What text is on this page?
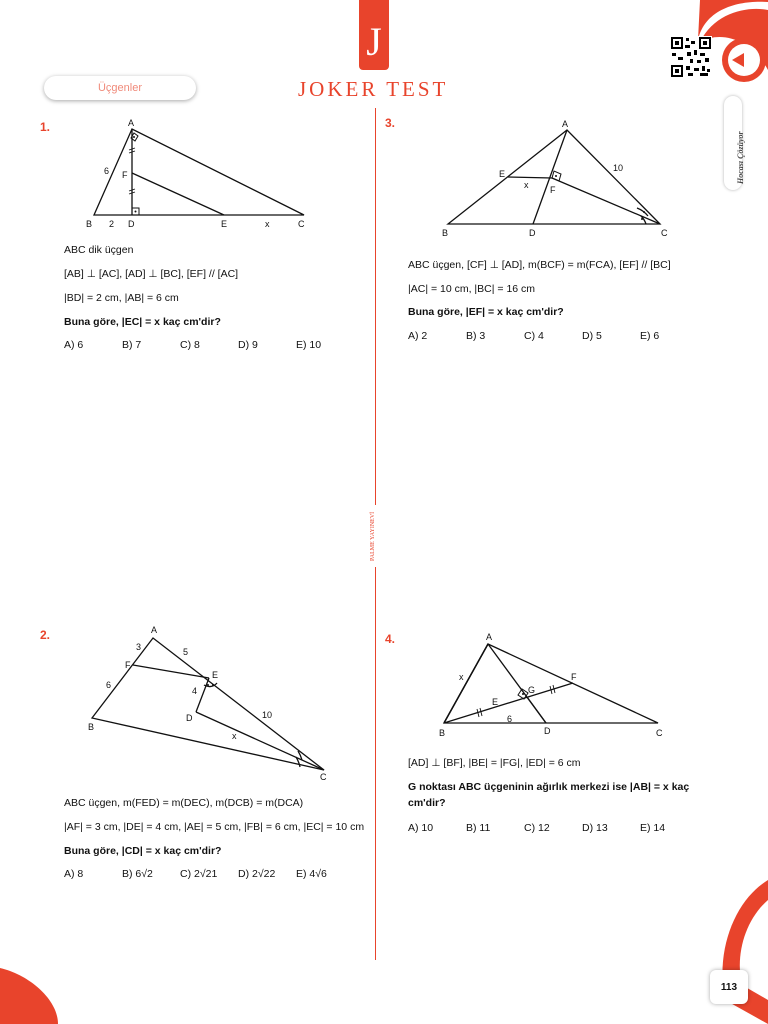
Hocası Çözüyor
Üçgenler
J
JOKER TEST
PALME YAYINEVİ
1.	A
B	C
D	E
F
6
2	x
ABC dik üçgen
[AB] ⊥ [AC], [AD] ⊥ [BC], [EF] // [AC]
|BD| = 2 cm, |AB| = 6 cm
Buna göre, |EC| = x kaç cm'dir?
A) 6	B) 7	C) 8	D) 9	E) 10
3.	A
B	C
D
E
F
10
x
ABC üçgen, [CF] ⊥ [AD], m(BCF) = m(FCA), [EF] // [BC]
|AC| = 10 cm, |BC| = 16 cm
Buna göre, |EF| = x kaç cm'dir?
A) 2	B) 3	C) 4	D) 5	E) 6
2.	A
B
C
D
E
F
3	5
6
4
10
x
ABC üçgen, m(FED) = m(DEC), m(DCB) = m(DCA)
|AF| = 3 cm, |DE| = 4 cm, |AE| = 5 cm, |FB| = 6 cm, |EC| = 10 cm
Buna göre, |CD| = x kaç cm'dir?
A) 8	B) 6√2	C) 2√21	D) 2√22	E) 4√6
4.	A
B	C
D
E
F
G
x
6
[AD] ⊥ [BF], |BE| = |FG|, |ED| = 6 cm
G noktası ABC üçgeninin ağırlık merkezi ise |AB| = x kaç
cm'dir?
A) 10	B) 11	C) 12	D) 13	E) 14
113
